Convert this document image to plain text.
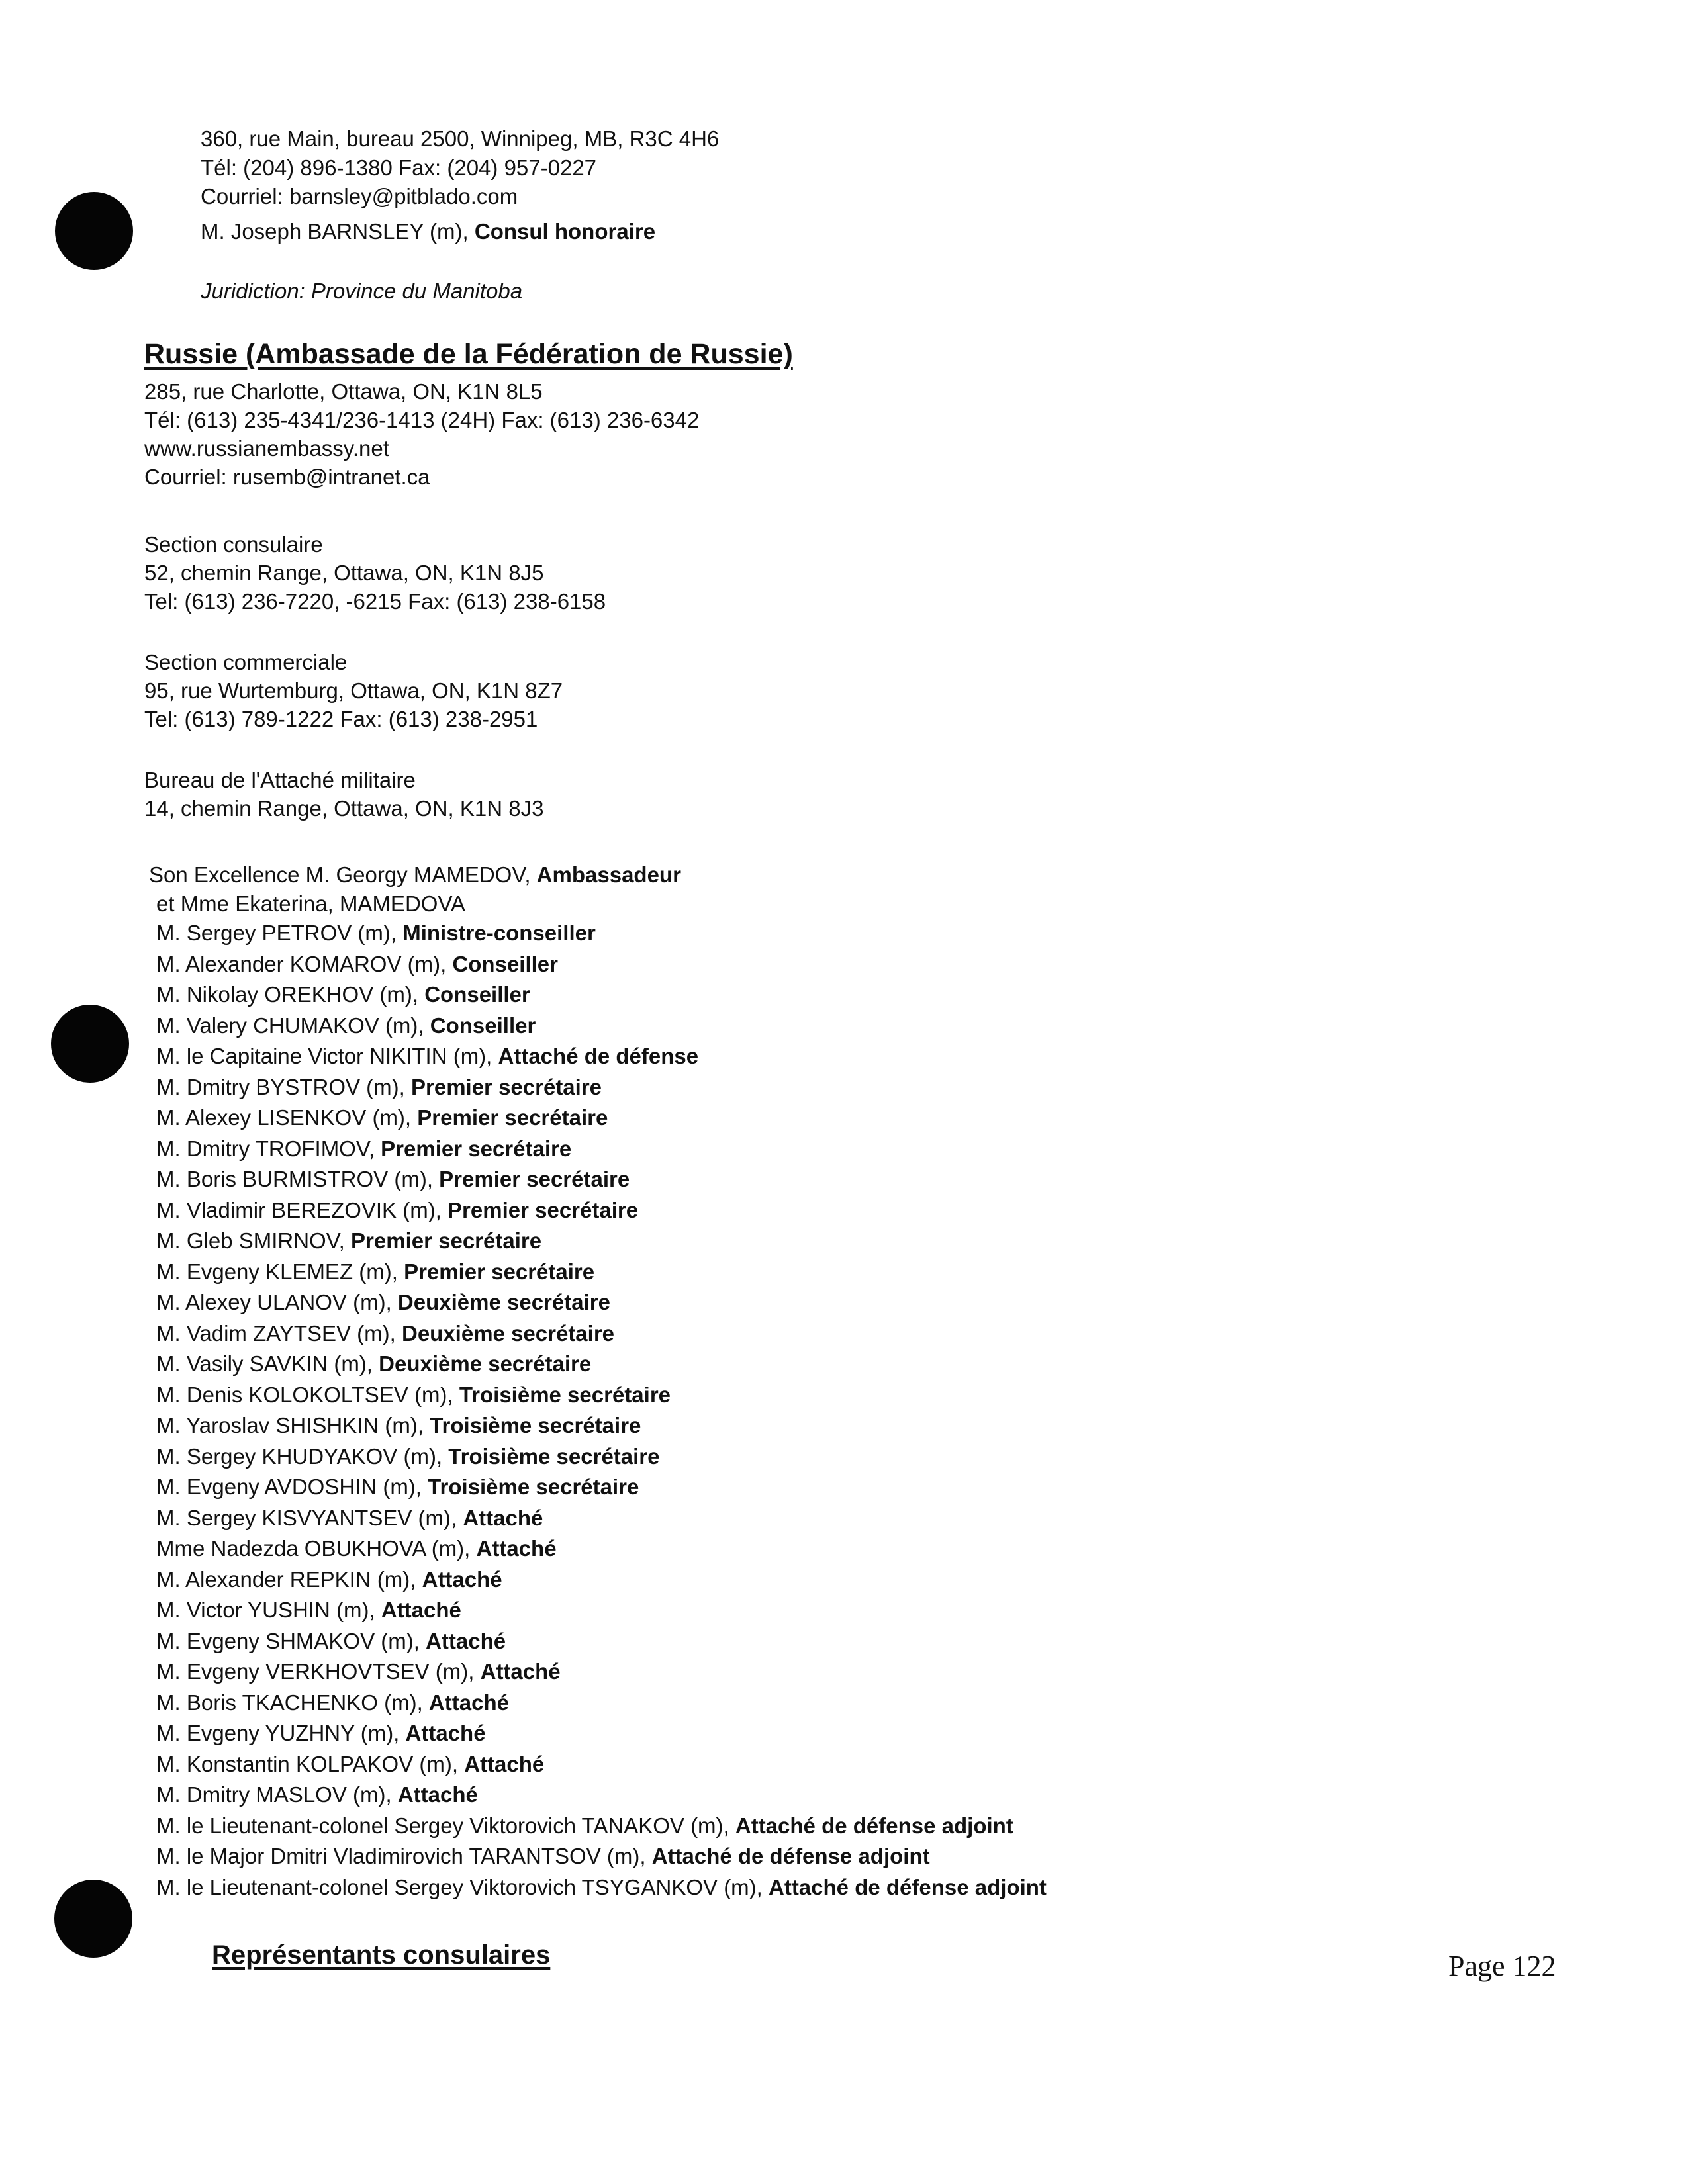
360, rue Main, bureau 2500, Winnipeg, MB, R3C 4H6
Tél: (204) 896-1380 Fax: (204) 957-0227
Courriel: barnsley@pitblado.com
M. Joseph BARNSLEY (m), Consul honoraire
Juridiction: Province du Manitoba
Russie (Ambassade de la Fédération de Russie)
285, rue Charlotte, Ottawa, ON, K1N 8L5
Tél: (613) 235-4341/236-1413 (24H) Fax: (613) 236-6342
www.russianembassy.net
Courriel: rusemb@intranet.ca
Section consulaire
52, chemin Range, Ottawa, ON, K1N 8J5
Tel: (613) 236-7220, -6215 Fax: (613) 238-6158
Section commerciale
95, rue Wurtemburg, Ottawa, ON, K1N 8Z7
Tel: (613) 789-1222 Fax: (613) 238-2951
Bureau de l'Attaché militaire
14, chemin Range, Ottawa, ON, K1N 8J3
Son Excellence M. Georgy MAMEDOV, Ambassadeur
et Mme Ekaterina, MAMEDOVA
M. Sergey PETROV (m), Ministre-conseiller
M. Alexander KOMAROV (m), Conseiller
M. Nikolay OREKHOV (m), Conseiller
M. Valery CHUMAKOV (m), Conseiller
M. le Capitaine Victor NIKITIN (m), Attaché de défense
M. Dmitry BYSTROV (m), Premier secrétaire
M. Alexey LISENKOV (m), Premier secrétaire
M. Dmitry TROFIMOV, Premier secrétaire
M. Boris BURMISTROV (m), Premier secrétaire
M. Vladimir BEREZOVIK (m), Premier secrétaire
M. Gleb SMIRNOV, Premier secrétaire
M. Evgeny KLEMEZ (m), Premier secrétaire
M. Alexey ULANOV (m), Deuxième secrétaire
M. Vadim ZAYTSEV (m), Deuxième secrétaire
M. Vasily SAVKIN (m), Deuxième secrétaire
M. Denis KOLOKOLTSEV (m), Troisième secrétaire
M. Yaroslav SHISHKIN (m), Troisième secrétaire
M. Sergey KHUDYAKOV (m), Troisième secrétaire
M. Evgeny AVDOSHIN (m), Troisième secrétaire
M. Sergey KISVYANTSEV (m), Attaché
Mme Nadezda OBUKHOVA (m), Attaché
M. Alexander REPKIN (m), Attaché
M. Victor YUSHIN (m), Attaché
M. Evgeny SHMAKOV (m), Attaché
M. Evgeny VERKHOVTSEV (m), Attaché
M. Boris TKACHENKO (m), Attaché
M. Evgeny YUZHNY (m), Attaché
M. Konstantin KOLPAKOV (m), Attaché
M. Dmitry MASLOV (m), Attaché
M. le Lieutenant-colonel Sergey Viktorovich TANAKOV (m), Attaché de défense adjoint
M. le Major Dmitri Vladimirovich TARANTSOV (m), Attaché de défense adjoint
M. le Lieutenant-colonel Sergey Viktorovich TSYGANKOV (m), Attaché de défense adjoint
Représentants consulaires	Page 122
